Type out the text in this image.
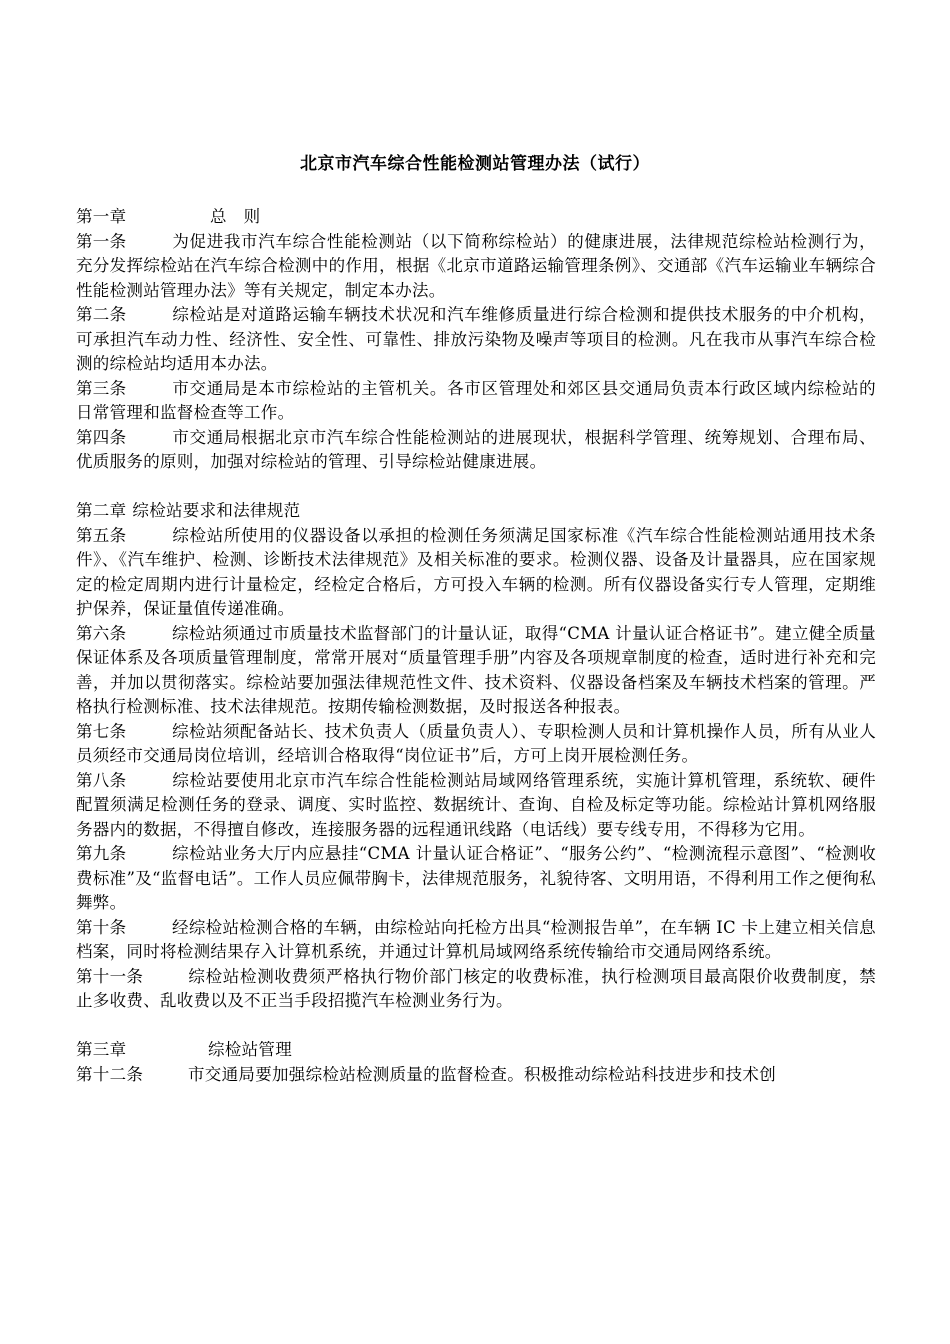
北京市汽车综合性能检测站管理办法（试行）

第一章	总　则

第一条	为促进我市汽车综合性能检测站（以下简称综检站）的健康进展，法律规范综检站检测行为，充分发挥综检站在汽车综合检测中的作用，根据《北京市道路运输管理条例》、交通部《汽车运输业车辆综合性能检测站管理办法》等有关规定，制定本办法。

第二条	综检站是对道路运输车辆技术状况和汽车维修质量进行综合检测和提供技术服务的中介机构，可承担汽车动力性、经济性、安全性、可靠性、排放污染物及噪声等项目的检测。凡在我市从事汽车综合检测的综检站均适用本办法。

第三条	市交通局是本市综检站的主管机关。各市区管理处和郊区县交通局负责本行政区域内综检站的日常管理和监督检查等工作。

第四条	市交通局根据北京市汽车综合性能检测站的进展现状，根据科学管理、统筹规划、合理布局、优质服务的原则，加强对综检站的管理、引导综检站健康进展。

第二章 综检站要求和法律规范

第五条	综检站所使用的仪器设备以承担的检测任务须满足国家标准《汽车综合性能检测站通用技术条件》、《汽车维护、检测、诊断技术法律规范》及相关标准的要求。检测仪器、设备及计量器具，应在国家规定的检定周期内进行计量检定，经检定合格后，方可投入车辆的检测。所有仪器设备实行专人管理，定期维护保养，保证量值传递准确。

第六条	综检站须通过市质量技术监督部门的计量认证，取得“CMA 计量认证合格证书”。建立健全质量保证体系及各项质量管理制度，常常开展对“质量管理手册”内容及各项规章制度的检查，适时进行补充和完善，并加以贯彻落实。综检站要加强法律规范性文件、技术资料、仪器设备档案及车辆技术档案的管理。严格执行检测标准、技术法律规范。按期传输检测数据，及时报送各种报表。

第七条	综检站须配备站长、技术负责人（质量负责人）、专职检测人员和计算机操作人员，所有从业人员须经市交通局岗位培训，经培训合格取得“岗位证书”后，方可上岗开展检测任务。

第八条	综检站要使用北京市汽车综合性能检测站局域网络管理系统，实施计算机管理，系统软、硬件配置须满足检测任务的登录、调度、实时监控、数据统计、查询、自检及标定等功能。综检站计算机网络服务器内的数据，不得擅自修改，连接服务器的远程通讯线路（电话线）要专线专用，不得移为它用。

第九条	综检站业务大厅内应悬挂“CMA 计量认证合格证”、“服务公约”、“检测流程示意图”、“检测收费标准”及“监督电话”。工作人员应佩带胸卡，法律规范服务，礼貌待客、文明用语，不得利用工作之便徇私舞弊。

第十条	经综检站检测合格的车辆，由综检站向托检方出具“检测报告单”，在车辆 IC 卡上建立相关信息档案，同时将检测结果存入计算机系统，并通过计算机局域网络系统传输给市交通局网络系统。

第十一条	综检站检测收费须严格执行物价部门核定的收费标准，执行检测项目最高限价收费制度，禁止多收费、乱收费以及不正当手段招揽汽车检测业务行为。

第三章	综检站管理

第十二条	市交通局要加强综检站检测质量的监督检查。积极推动综检站科技进步和技术创
